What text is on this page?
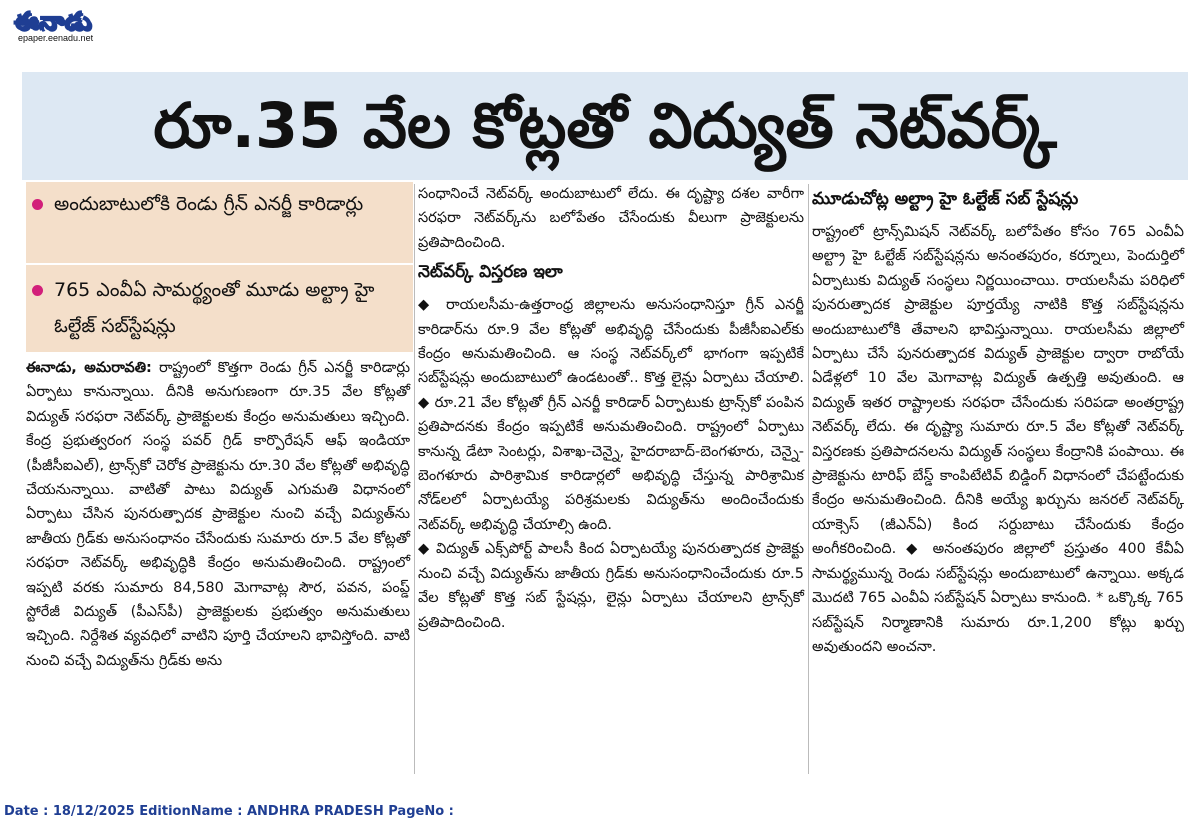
ఈనాడు
epaper.eenadu.net
రూ.35 వేల కోట్లతో విద్యుత్‌ నెట్‌వర్క్‌
అందుబాటులోకి రెండు గ్రీన్‌ ఎనర్జీ కారిడార్లు
765 ఎంవీఏ సామర్థ్యంతో మూడు అల్ట్రా హై ఓల్టేజ్‌ సబ్‌స్టేషన్లు

ఈనాడు, అమరావతి: రాష్ట్రంలో కొత్తగా రెండు గ్రీన్‌ ఎనర్జీ కారిడార్లు ఏర్పాటు కానున్నాయి. దీనికి అనుగుణంగా రూ.35 వేల కోట్లతో విద్యుత్‌ సరఫరా నెట్‌వర్క్‌ ప్రాజెక్టులకు కేంద్రం అనుమతులు ఇచ్చింది. కేంద్ర ప్రభుత్వరంగ సంస్థ పవర్‌ గ్రిడ్‌ కార్పొరేషన్‌ ఆఫ్‌ ఇండియా (పీజీసీఐఎల్‌), ట్రాన్స్‌కో చెరోక ప్రాజెక్టును రూ.30 వేల కోట్లతో అభివృద్ధి చేయనున్నాయి. వాటితో పాటు విద్యుత్‌ ఎగుమతి విధానంలో ఏర్పాటు చేసిన పునరుత్పాదక ప్రాజెక్టుల నుంచి వచ్చే విద్యుత్‌ను జాతీయ గ్రిడ్‌కు అనుసంధానం చేసేందుకు సుమారు రూ.5 వేల కోట్లతో సరఫరా నెట్‌వర్క్‌ అభివృద్ధికి కేంద్రం అనుమతించింది. రాష్ట్రంలో ఇప్పటి వరకు సుమారు 84,580 మెగావాట్ల సౌర, పవన, పంప్డ్‌ స్టోరేజీ విద్యుత్‌ (పీఎస్‌పీ) ప్రాజెక్టులకు ప్రభుత్వం అనుమతులు ఇచ్చింది. నిర్దేశిత వ్యవధిలో వాటిని పూర్తి చేయాలని భావిస్తోంది. వాటి నుంచి వచ్చే విద్యుత్‌ను గ్రిడ్‌కు అను

సంధానించే నెట్‌వర్క్‌ అందుబాటులో లేదు. ఈ దృష్ట్యా దశల వారీగా సరఫరా నెట్‌వర్క్‌ను బలోపేతం చేసేందుకు వీలుగా ప్రాజెక్టులను ప్రతిపాదించింది.

నెట్‌వర్క్‌ విస్తరణ ఇలా

◆ రాయలసీమ-ఉత్తరాంధ్ర జిల్లాలను అనుసంధానిస్తూ గ్రీన్‌ ఎనర్జీ కారిడార్‌ను రూ.9 వేల కోట్లతో అభివృద్ధి చేసేందుకు పీజీసీఐఎల్‌కు కేంద్రం అనుమతించింది. ఆ సంస్థ నెట్‌వర్క్‌లో భాగంగా ఇప్పటికే సబ్‌స్టేషన్లు అందుబాటులో ఉండటంతో.. కొత్త లైన్లు ఏర్పాటు చేయాలి. ◆ రూ.21 వేల కోట్లతో గ్రీన్‌ ఎనర్జీ కారిడార్‌ ఏర్పాటుకు ట్రాన్స్‌కో పంపిన ప్రతిపాదనకు కేంద్రం ఇప్పటికే అనుమతించింది. రాష్ట్రంలో ఏర్పాటు కానున్న డేటా సెంటర్లు, విశాఖ-చెన్నై, హైదరాబాద్‌-బెంగళూరు, చెన్నై-బెంగళూరు పారిశ్రామిక కారిడార్లలో అభివృద్ధి చేస్తున్న పారిశ్రామిక నోడ్‌లలో ఏర్పాటయ్యే పరిశ్రమలకు విద్యుత్‌ను అందించేందుకు నెట్‌వర్క్‌ అభివృద్ధి చేయాల్సి ఉంది.

◆ విద్యుత్‌ ఎక్స్‌పోర్ట్‌ పాలసీ కింద ఏర్పాటయ్యే పునరుత్పాదక ప్రాజెక్టు నుంచి వచ్చే విద్యుత్‌ను జాతీయ గ్రిడ్‌కు అనుసంధానించేందుకు రూ.5 వేల కోట్లతో కొత్త సబ్‌ స్టేషన్లు, లైన్లు ఏర్పాటు చేయాలని ట్రాన్స్‌కో ప్రతిపాదించింది.

మూడుచోట్ల అల్ట్రా హై ఓల్టేజ్‌ సబ్‌ స్టేషన్లు

రాష్ట్రంలో ట్రాన్స్‌మిషన్‌ నెట్‌వర్క్‌ బలోపేతం కోసం 765 ఎంవీఏ అల్ట్రా హై ఓల్టేజ్‌ సబ్‌స్టేషన్లను అనంతపురం, కర్నూలు, పెందుర్తిలో ఏర్పాటుకు విద్యుత్‌ సంస్థలు నిర్ణయించాయి. రాయలసీమ పరిధిలో పునరుత్పాదక ప్రాజెక్టుల పూర్తయ్యే నాటికి కొత్త సబ్‌స్టేషన్లను అందుబాటులోకి తేవాలని భావిస్తున్నాయి. రాయలసీమ జిల్లాలో ఏర్పాటు చేసే పునరుత్పాదక విద్యుత్‌ ప్రాజెక్టుల ద్వారా రాబోయే ఏడేళ్లలో 10 వేల మెగావాట్ల విద్యుత్‌ ఉత్పత్తి అవుతుంది. ఆ విద్యుత్‌ ఇతర రాష్ట్రాలకు సరఫరా చేసేందుకు సరిపడా అంతర్రాష్ట్ర నెట్‌వర్క్‌ లేదు. ఈ దృష్ట్యా సుమారు రూ.5 వేల కోట్లతో నెట్‌వర్క్‌ విస్తరణకు ప్రతిపాదనలను విద్యుత్‌ సంస్థలు కేంద్రానికి పంపాయి. ఈ ప్రాజెక్టును టారిఫ్‌ బేస్డ్‌ కాంపిటేటివ్‌ బిడ్డింగ్‌ విధానంలో చేపట్టేందుకు కేంద్రం అనుమతించింది. దీనికి అయ్యే ఖర్చును జనరల్‌ నెట్‌వర్క్‌ యాక్సెస్‌ (జీఎన్‌ఏ) కింద సర్దుబాటు చేసేందుకు కేంద్రం అంగీకరించింది. ◆ అనంతపురం జిల్లాలో ప్రస్తుతం 400 కేవీఏ సామర్థ్యమున్న రెండు సబ్‌స్టేషన్లు అందుబాటులో ఉన్నాయి. అక్కడ మొదటి 765 ఎంవీఏ సబ్‌స్టేషన్‌ ఏర్పాటు కానుంది. * ఒక్కొక్క 765 సబ్‌స్టేషన్‌ నిర్మాణానికి సుమారు రూ.1,200 కోట్లు ఖర్చు అవుతుందని అంచనా.

Date : 18/12/2025 EditionName : ANDHRA PRADESH PageNo :
